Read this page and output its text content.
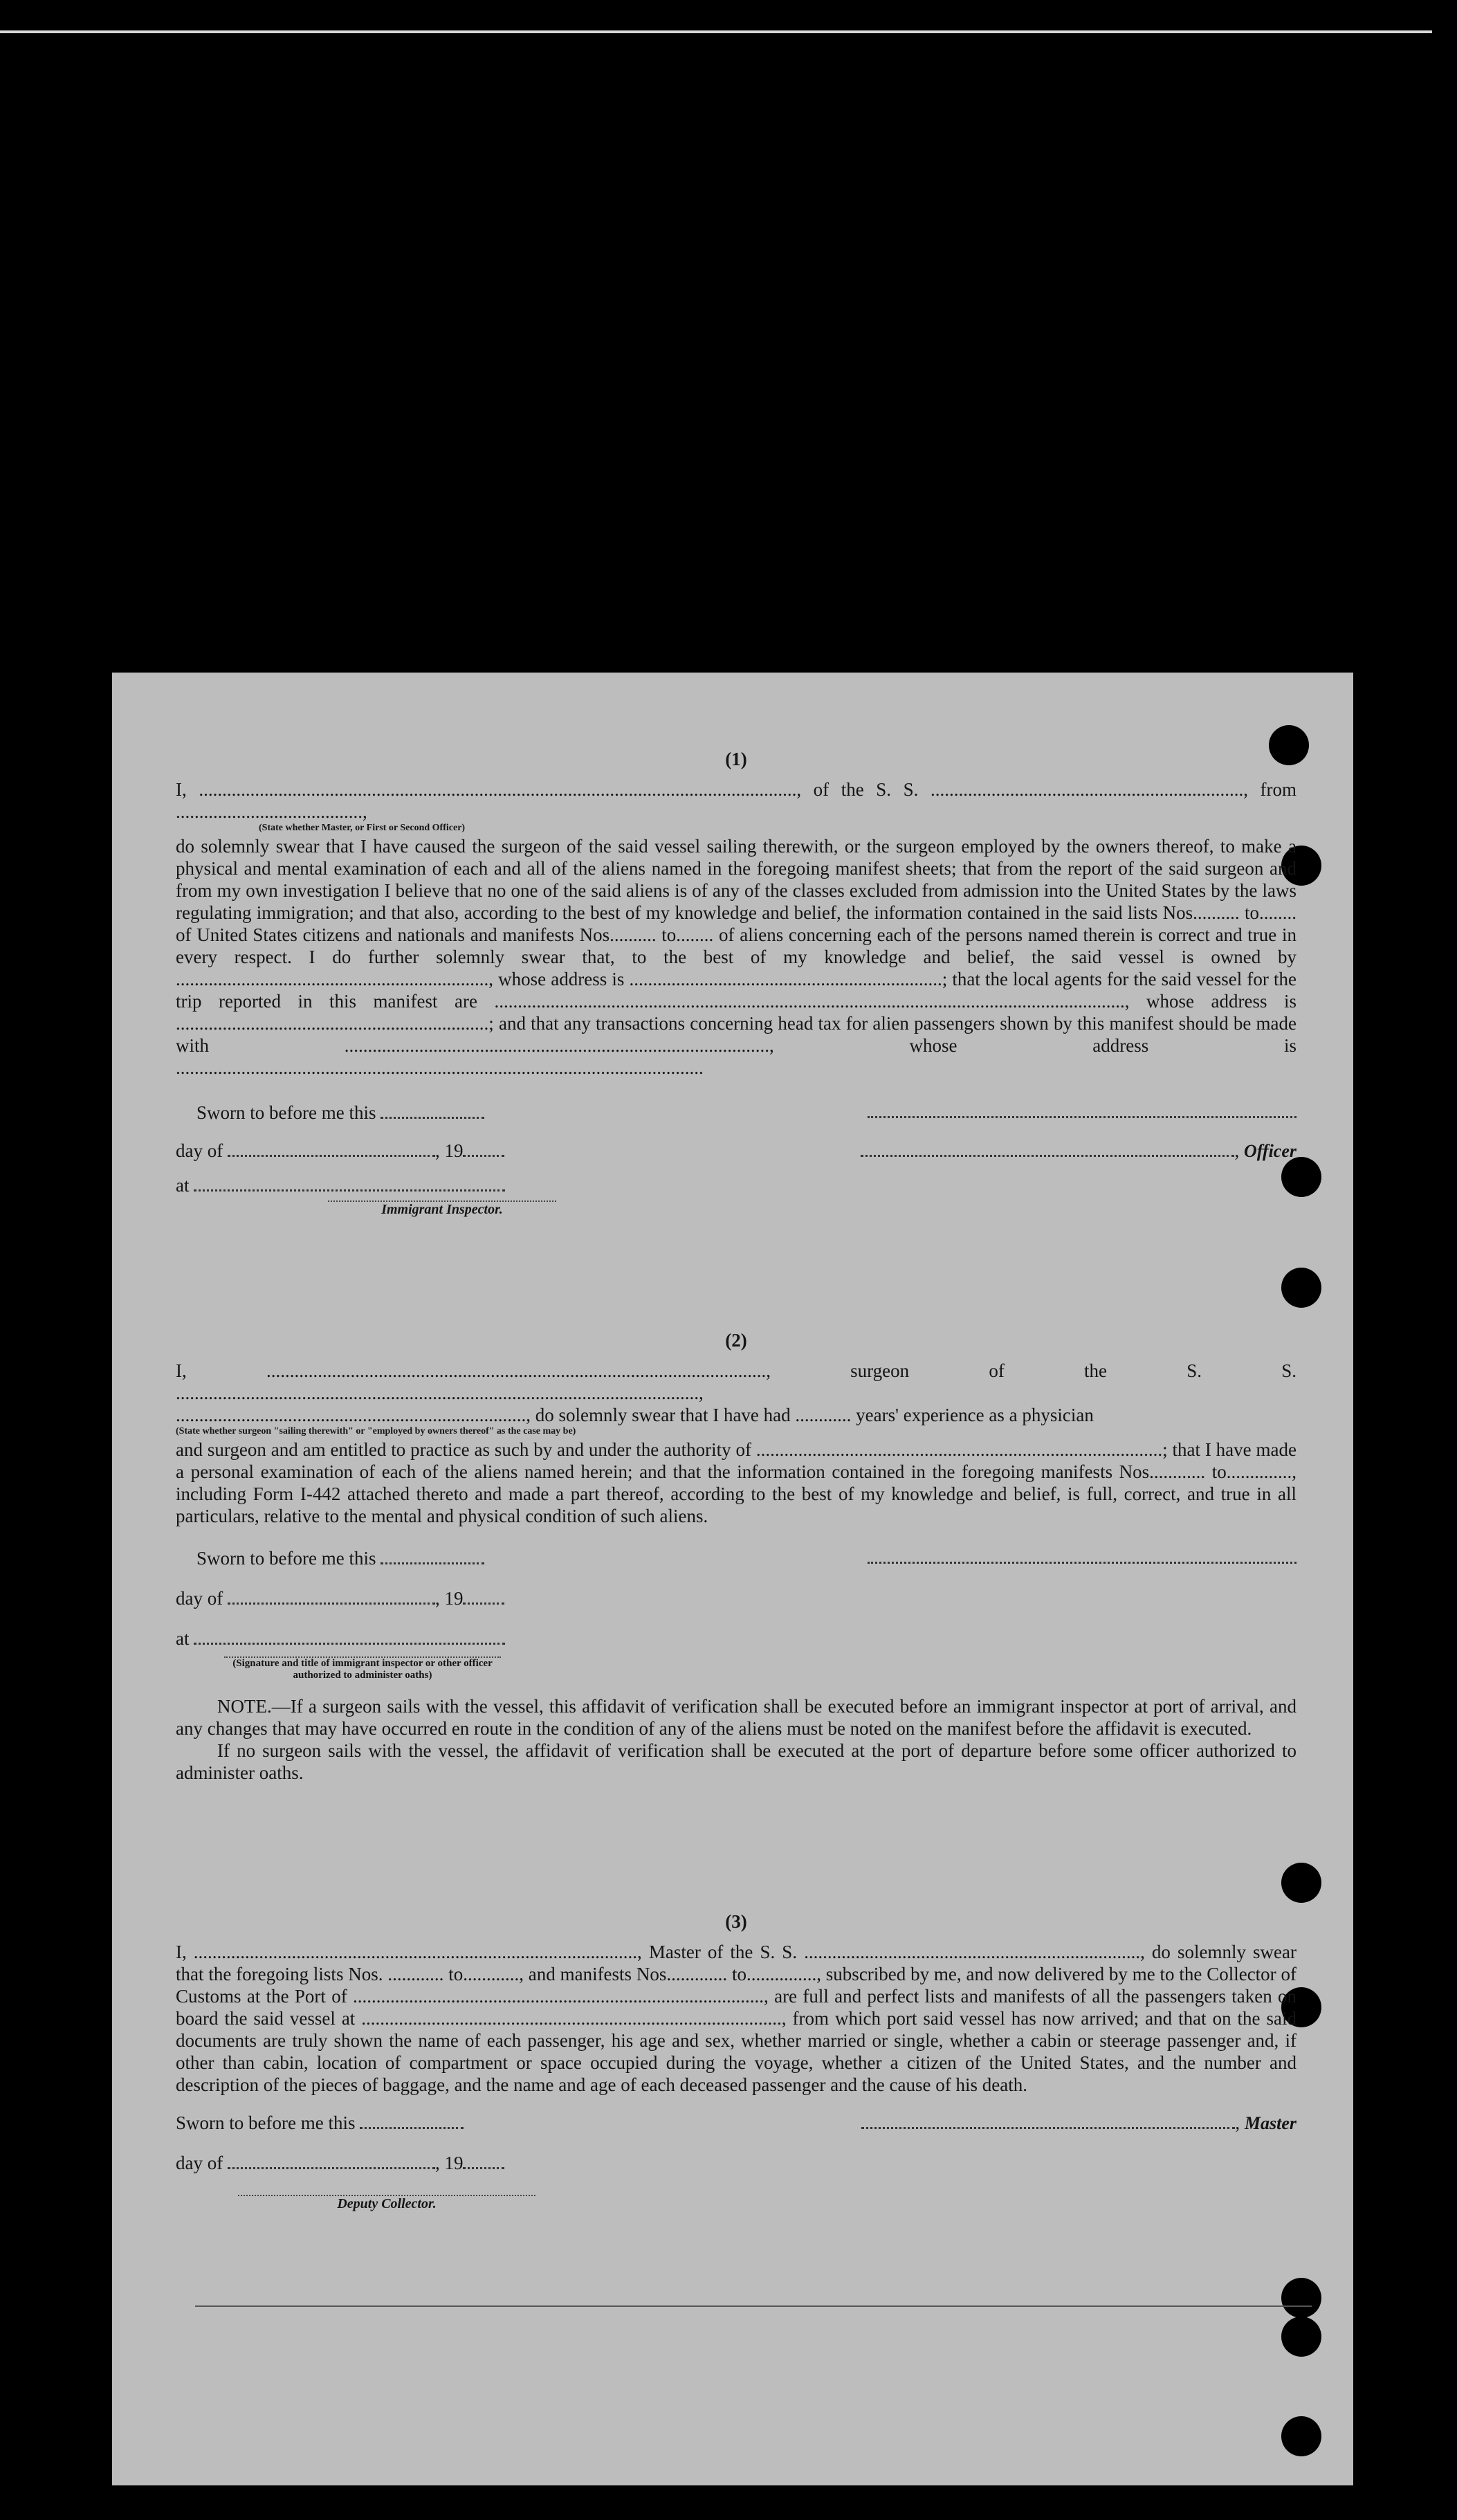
(1)

I, ................................................................................................................................, of the S. S. ..................................................................., from ........................................,

(State whether Master, or First or Second Officer)

do solemnly swear that I have caused the surgeon of the said vessel sailing therewith, or the surgeon employed by the owners thereof, to make a physical and mental examination of each and all of the aliens named in the foregoing manifest sheets; that from the report of the said surgeon and from my own investigation I believe that no one of the said aliens is of any of the classes excluded from admission into the United States by the laws regulating immigration; and that also, according to the best of my knowledge and belief, the information contained in the said lists Nos.......... to........ of United States citizens and nationals and manifests Nos.......... to........ of aliens concerning each of the persons named therein is correct and true in every respect. I do further solemnly swear that, to the best of my knowledge and belief, the said vessel is owned by ..................................................................., whose address is ...................................................................; that the local agents for the said vessel for the trip reported in this manifest are ......................................................................................................................................., whose address is ...................................................................; and that any transactions concerning head tax for alien passengers shown by this manifest should be made with ..........................................................................................., whose address is .................................................................................................................

Sworn to before me this
day of	, 19	, Officer
at
Immigrant Inspector.
(2)

I, ..........................................................................................................., surgeon of the S. S. ................................................................................................................,

..........................................................................., do solemnly swear that I have had ............ years' experience as a physician

(State whether surgeon "sailing therewith" or "employed by owners thereof" as the case may be)

and surgeon and am entitled to practice as such by and under the authority of .......................................................................................; that I have made a personal examination of each of the aliens named herein; and that the information contained in the foregoing manifests Nos............ to.............., including Form I-442 attached thereto and made a part thereof, according to the best of my knowledge and belief, is full, correct, and true in all particulars, relative to the mental and physical condition of such aliens.

Sworn to before me this
day of	, 19
at
(Signature and title of immigrant inspector or other officer authorized to administer oaths)

NOTE.—If a surgeon sails with the vessel, this affidavit of verification shall be executed before an immigrant inspector at port of arrival, and any changes that may have occurred en route in the condition of any of the aliens must be noted on the manifest before the affidavit is executed.

If no surgeon sails with the vessel, the affidavit of verification shall be executed at the port of departure before some officer authorized to administer oaths.

(3)

I, ..............................................................................................., Master of the S. S. ........................................................................, do solemnly swear that the foregoing lists Nos. ............ to............, and manifests Nos............. to..............., subscribed by me, and now delivered by me to the Collector of Customs at the Port of ........................................................................................, are full and perfect lists and manifests of all the passengers taken on board the said vessel at .........................................................................................., from which port said vessel has now arrived; and that on the said documents are truly shown the name of each passenger, his age and sex, whether married or single, whether a cabin or steerage passenger and, if other than cabin, location of compartment or space occupied during the voyage, whether a citizen of the United States, and the number and description of the pieces of baggage, and the name and age of each deceased passenger and the cause of his death.

Sworn to before me this	, Master
day of	, 19
Deputy Collector.
